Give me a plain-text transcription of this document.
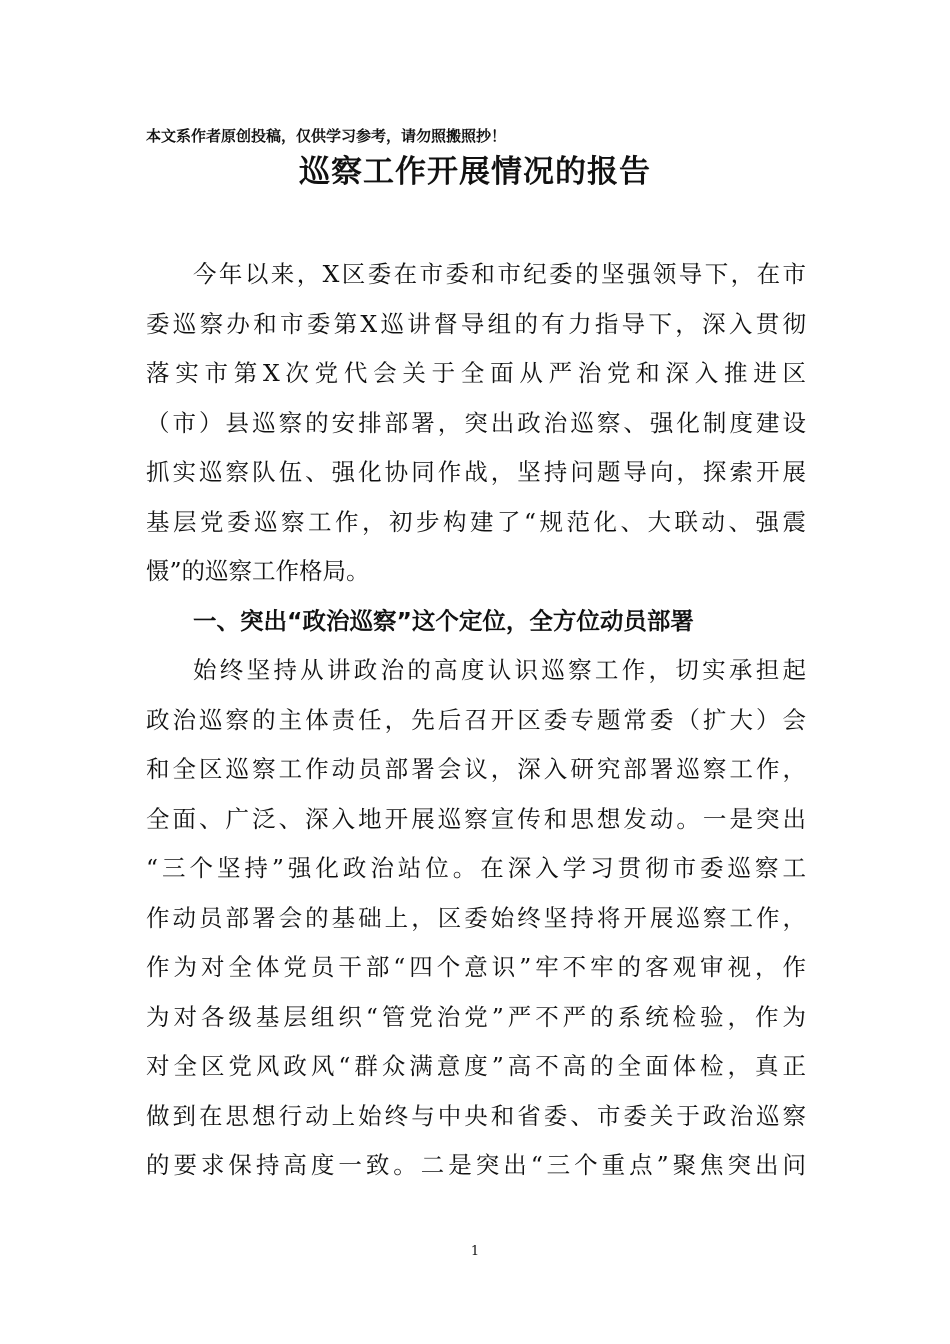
本文系作者原创投稿，仅供学习参考，请勿照搬照抄！
巡察工作开展情况的报告
今年以来，X区委在市委和市纪委的坚强领导下，在市
委巡察办和市委第X巡讲督导组的有力指导下，深入贯彻
落实市第X次党代会关于全面从严治党和深入推进区
（市）县巡察的安排部署，突出政治巡察、强化制度建设
抓实巡察队伍、强化协同作战，坚持问题导向，探索开展
基层党委巡察工作，初步构建了“规范化、大联动、强震
慑”的巡察工作格局。
一、突出“政治巡察”这个定位，全方位动员部署
始终坚持从讲政治的高度认识巡察工作，切实承担起
政治巡察的主体责任，先后召开区委专题常委（扩大）会
和全区巡察工作动员部署会议，深入研究部署巡察工作，
全面、广泛、深入地开展巡察宣传和思想发动。一是突出
“三个坚持”强化政治站位。在深入学习贯彻市委巡察工
作动员部署会的基础上，区委始终坚持将开展巡察工作，
作为对全体党员干部“四个意识”牢不牢的客观审视，作
为对各级基层组织“管党治党”严不严的系统检验，作为
对全区党风政风“群众满意度”高不高的全面体检，真正
做到在思想行动上始终与中央和省委、市委关于政治巡察
的要求保持高度一致。二是突出“三个重点”聚焦突出问
1
